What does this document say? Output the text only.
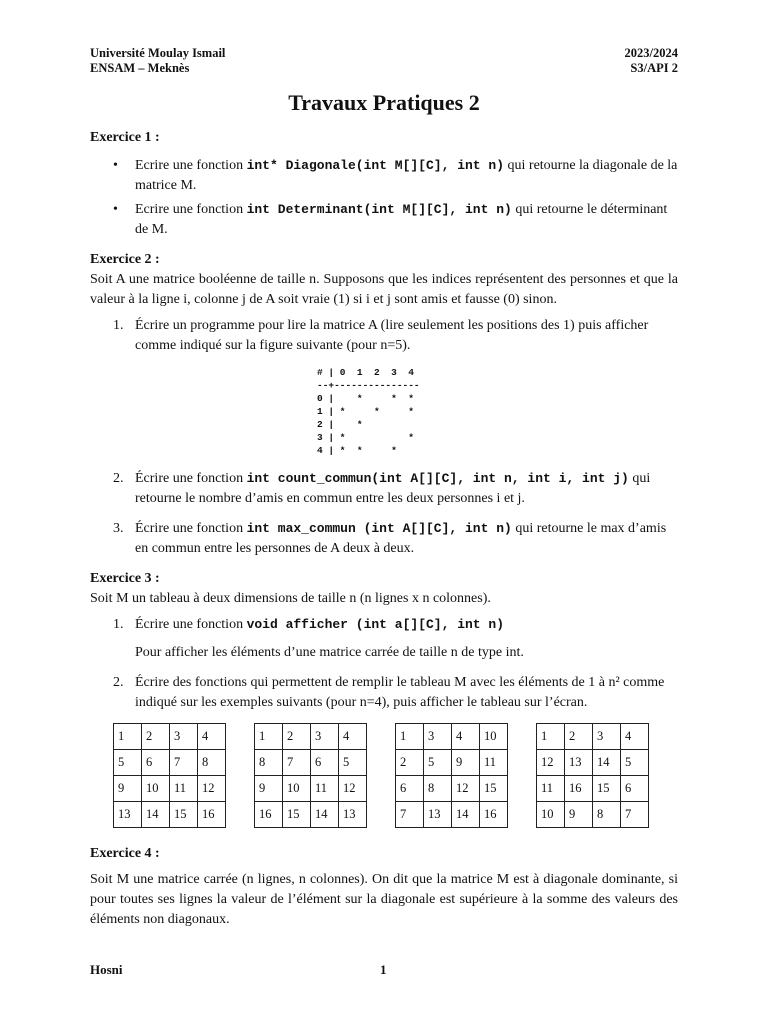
Université Moulay Ismail
ENSAM – Meknès
2023/2024
S3/API 2
Travaux Pratiques 2

Exercice 1 :

• Ecrire une fonction int* Diagonale(int M[][C], int n) qui retourne la diagonale de la matrice M.
• Ecrire une fonction int Determinant(int M[][C], int n) qui retourne le déterminant de M.

Exercice 2 :

Soit A une matrice booléenne de taille n. Supposons que les indices représentent des personnes et que la valeur à la ligne i, colonne j de A soit vraie (1) si i et j sont amis et fausse (0) sinon.

1. Écrire un programme pour lire la matrice A (lire seulement les positions des 1) puis afficher comme indiqué sur la figure suivante (pour n=5).
# | 0  1  2  3  4
--+---------------
0 |    *     *  *
1 | *     *     *
2 |    *
3 | *           *
4 | *  *     *
2. Écrire une fonction int count_commun(int A[][C], int n, int i, int j) qui retourne le nombre d’amis en commun entre les deux personnes i et j.
3. Écrire une fonction int max_commun (int A[][C], int n) qui retourne le max d’amis en commun entre les personnes de A deux à deux.

Exercice 3 :

Soit M un tableau à deux dimensions de taille n (n lignes x n colonnes).

1. Écrire une fonction void afficher (int a[][C], int n)

Pour afficher les éléments d’une matrice carrée de taille n de type int.

2. Écrire des fonctions qui permettent de remplir le tableau M avec les éléments de 1 à n² comme indiqué sur les exemples suivants (pour n=4), puis afficher le tableau sur l’écran.
1	2	3	4
5	6	7	8
9	10	11	12
13	14	15	16
1	2	3	4
8	7	6	5
9	10	11	12
16	15	14	13
1	3	4	10
2	5	9	11
6	8	12	15
7	13	14	16
1	2	3	4
12	13	14	5
11	16	15	6
10	9	8	7

Exercice 4 :

Soit M une matrice carrée (n lignes, n colonnes). On dit que la matrice M est à diagonale dominante, si pour toutes ses lignes la valeur de l’élément sur la diagonale est supérieure à la somme des valeurs des éléments non diagonaux.

Hosni	1
